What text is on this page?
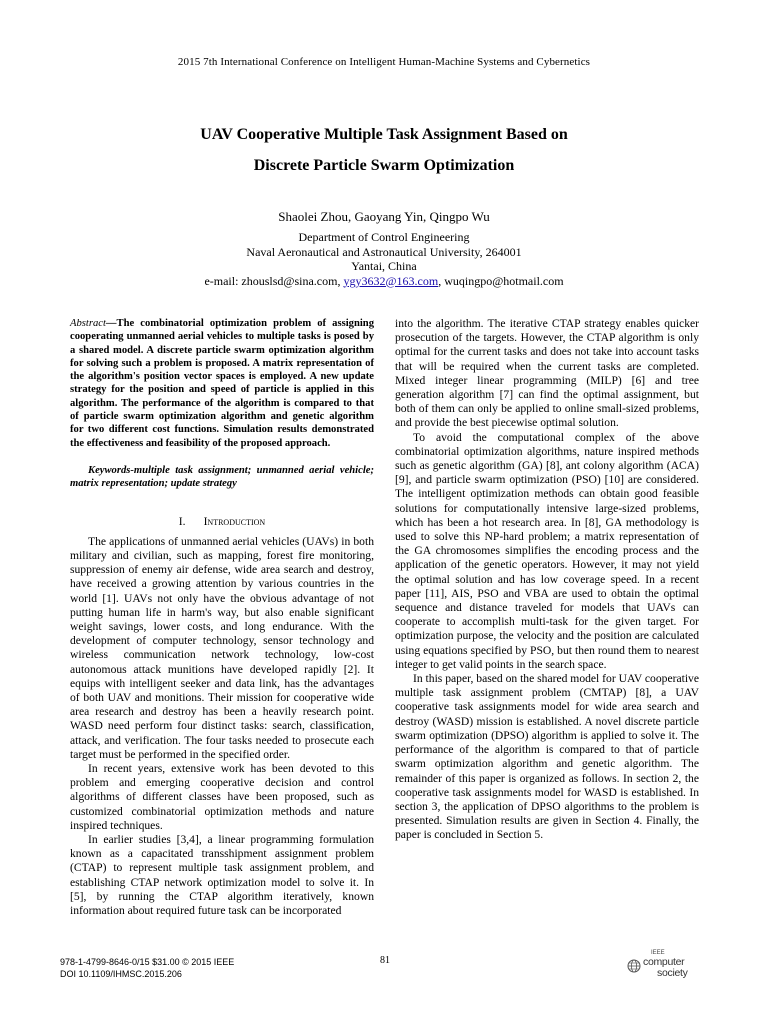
2015 7th International Conference on Intelligent Human-Machine Systems and Cybernetics
UAV Cooperative Multiple Task Assignment Based on
Discrete Particle Swarm Optimization
Shaolei Zhou, Gaoyang Yin, Qingpo Wu
Department of Control Engineering
Naval Aeronautical and Astronautical University, 264001
Yantai, China
e-mail: zhouslsd@sina.com, ygy3632@163.com, wuqingpo@hotmail.com

Abstract—The combinatorial optimization problem of assigning cooperating unmanned aerial vehicles to multiple tasks is posed by a shared model. A discrete particle swarm optimization algorithm for solving such a problem is proposed. A matrix representation of the algorithm's position vector spaces is employed. A new update strategy for the position and speed of particle is applied in this algorithm. The performance of the algorithm is compared to that of particle swarm optimization algorithm and genetic algorithm for two different cost functions. Simulation results demonstrated the effectiveness and feasibility of the proposed approach.

Keywords-multiple task assignment; unmanned aerial vehicle; matrix representation; update strategy

I. Introduction

The applications of unmanned aerial vehicles (UAVs) in both military and civilian, such as mapping, forest fire monitoring, suppression of enemy air defense, wide area search and destroy, have received a growing attention by various countries in the world [1]. UAVs not only have the obvious advantage of not putting human life in harm's way, but also enable significant weight savings, lower costs, and long endurance. With the development of computer technology, sensor technology and wireless communication network technology, low-cost autonomous attack munitions have developed rapidly [2]. It equips with intelligent seeker and data link, has the advantages of both UAV and monitions. Their mission for cooperative wide area research and destroy has been a heavily research point. WASD need perform four distinct tasks: search, classification, attack, and verification. The four tasks needed to prosecute each target must be performed in the specified order.

In recent years, extensive work has been devoted to this problem and emerging cooperative decision and control algorithms of different classes have been proposed, such as customized combinatorial optimization methods and nature inspired techniques.

In earlier studies [3,4], a linear programming formulation known as a capacitated transshipment assignment problem (CTAP) to represent multiple task assignment problem, and establishing CTAP network optimization model to solve it. In [5], by running the CTAP algorithm iteratively, known information about required future task can be incorporated

into the algorithm. The iterative CTAP strategy enables quicker prosecution of the targets. However, the CTAP algorithm is only optimal for the current tasks and does not take into account tasks that will be required when the current tasks are completed. Mixed integer linear programming (MILP) [6] and tree generation algorithm [7] can find the optimal assignment, but both of them can only be applied to online small-sized problems, and provide the best piecewise optimal solution.

To avoid the computational complex of the above combinatorial optimization algorithms, nature inspired methods such as genetic algorithm (GA) [8], ant colony algorithm (ACA) [9], and particle swarm optimization (PSO) [10] are considered. The intelligent optimization methods can obtain good feasible solutions for computationally intensive large-sized problems, which has been a hot research area. In [8], GA methodology is used to solve this NP-hard problem; a matrix representation of the GA chromosomes simplifies the encoding process and the application of the genetic operators. However, it may not yield the optimal solution and has low coverage speed. In a recent paper [11], AIS, PSO and VBA are used to obtain the optimal sequence and distance traveled for models that UAVs can cooperate to accomplish multi-task for the given target. For optimization purpose, the velocity and the position are calculated using equations specified by PSO, but then round them to nearest integer to get valid points in the search space.

In this paper, based on the shared model for UAV cooperative multiple task assignment problem (CMTAP) [8], a UAV cooperative task assignments model for wide area search and destroy (WASD) mission is established. A novel discrete particle swarm optimization (DPSO) algorithm is applied to solve it. The performance of the algorithm is compared to that of particle swarm optimization algorithm and genetic algorithm. The remainder of this paper is organized as follows. In section 2, the cooperative task assignments model for WASD is established. In section 3, the application of DPSO algorithms to the problem is presented. Simulation results are given in Section 4. Finally, the paper is concluded in Section 5.

978-1-4799-8646-0/15 $31.00 © 2015 IEEE
DOI 10.1109/IHMSC.2015.206
81
IEEE
computer
society
